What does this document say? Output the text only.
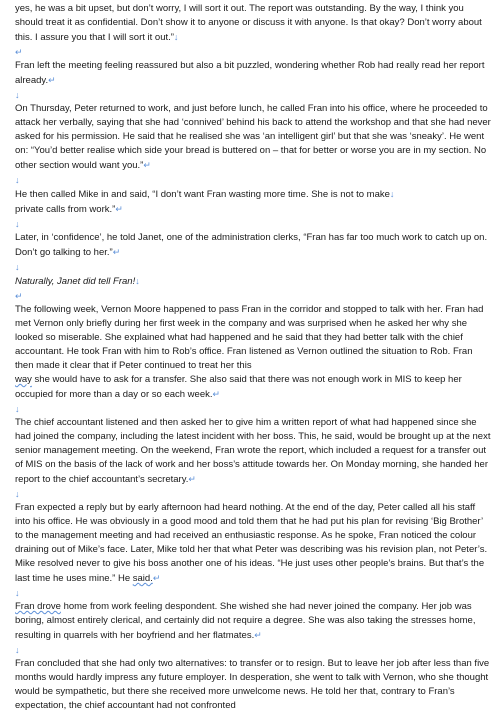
yes, he was a bit upset, but don’t worry, I will sort it out. The report was outstanding. By the way, I think you should treat it as confidential. Don’t show it to anyone or discuss it with anyone. Is that okay? Don’t worry about this. I assure you that I will sort it out.”↓

↵

Fran left the meeting feeling reassured but also a bit puzzled, wondering whether Rob had really read her report already.↵

↓

On Thursday, Peter returned to work, and just before lunch, he called Fran into his office, where he proceeded to attack her verbally, saying that she had ‘connived’ behind his back to attend the workshop and that she had never asked for his permission. He said that he realised she was ‘an intelligent girl’ but that she was ‘sneaky’. He went on: “You’d better realise which side your bread is buttered on – that for better or worse you are in my section. No other section would want you.”↵

↓

He then called Mike in and said, “I don’t want Fran wasting more time. She is not to make↓

private calls from work.”↵

↓

Later, in ‘confidence’, he told Janet, one of the administration clerks, “Fran has far too much work to catch up on. Don’t go talking to her.”↵

↓

Naturally, Janet did tell Fran!↓

↵

The following week, Vernon Moore happened to pass Fran in the corridor and stopped to talk with her. Fran had met Vernon only briefly during her first week in the company and was surprised when he asked her why she looked so miserable. She explained what had happened and he said that they had better talk with the chief accountant. He took Fran with him to Rob’s office. Fran listened as Vernon outlined the situation to Rob. Fran then made it clear that if Peter continued to treat her this

way she would have to ask for a transfer. She also said that there was not enough work in MIS to keep her occupied for more than a day or so each week.↵

↓

The chief accountant listened and then asked her to give him a written report of what had happened since she had joined the company, including the latest incident with her boss. This, he said, would be brought up at the next senior management meeting. On the weekend, Fran wrote the report, which included a request for a transfer out of MIS on the basis of the lack of work and her boss’s attitude towards her. On Monday morning, she handed her report to the chief accountant’s secretary.↵

↓

Fran expected a reply but by early afternoon had heard nothing. At the end of the day, Peter called all his staff into his office. He was obviously in a good mood and told them that he had put his plan for revising ‘Big Brother’ to the management meeting and had received an enthusiastic response. As he spoke, Fran noticed the colour draining out of Mike’s face. Later, Mike told her that what Peter was describing was his revision plan, not Peter’s. Mike resolved never to give his boss another one of his ideas. “He just uses other people’s brains. But that’s the last time he uses mine.” He said.↵

↓

Fran drove home from work feeling despondent. She wished she had never joined the company. Her job was boring, almost entirely clerical, and certainly did not require a degree. She was also taking the stresses home, resulting in quarrels with her boyfriend and her flatmates.↵

↓

Fran concluded that she had only two alternatives: to transfer or to resign. But to leave her job after less than five months would hardly impress any future employer. In desperation, she went to talk with Vernon, who she thought would be sympathetic, but there she received more unwelcome news. He told her that, contrary to Fran’s expectation, the chief accountant had not confronted
